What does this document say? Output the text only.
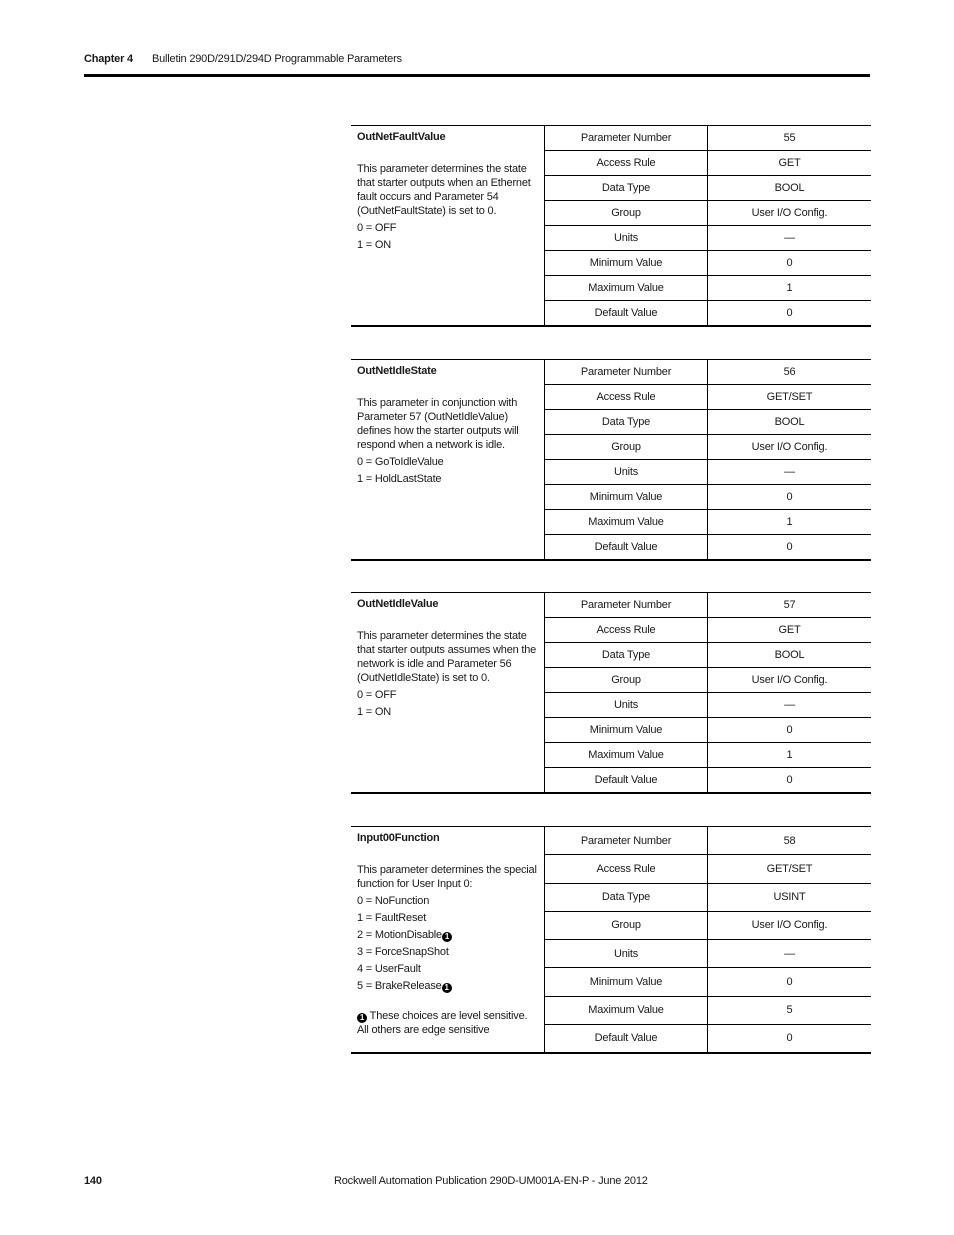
Chapter 4 Bulletin 290D/291D/294D Programmable Parameters
OutNetFaultValue
This parameter determines the state that starter outputs when an Ethernet fault occurs and Parameter 54 (OutNetFaultState) is set to 0.
0 = OFF
1 = ON
Parameter Number	55
Access Rule	GET
Data Type	BOOL
Group	User I/O Config.
Units	—
Minimum Value	0
Maximum Value	1
Default Value	0
OutNetIdleState
This parameter in conjunction with Parameter 57 (OutNetIdleValue) defines how the starter outputs will respond when a network is idle.
0 = GoToIdleValue
1 = HoldLastState
Parameter Number	56
Access Rule	GET/SET
Data Type	BOOL
Group	User I/O Config.
Units	—
Minimum Value	0
Maximum Value	1
Default Value	0
OutNetIdleValue
This parameter determines the state that starter outputs assumes when the network is idle and Parameter 56 (OutNetIdleState) is set to 0.
0 = OFF
1 = ON
Parameter Number	57
Access Rule	GET
Data Type	BOOL
Group	User I/O Config.
Units	—
Minimum Value	0
Maximum Value	1
Default Value	0
Input00Function
This parameter determines the special function for User Input 0:
0 = NoFunction
1 = FaultReset
2 = MotionDisable 1
3 = ForceSnapShot
4 = UserFault
5 = BrakeRelease 1
1 These choices are level sensitive. All others are edge sensitive
Parameter Number	58
Access Rule	GET/SET
Data Type	USINT
Group	User I/O Config.
Units	—
Minimum Value	0
Maximum Value	5
Default Value	0
140	Rockwell Automation Publication 290D-UM001A-EN-P - June 2012
